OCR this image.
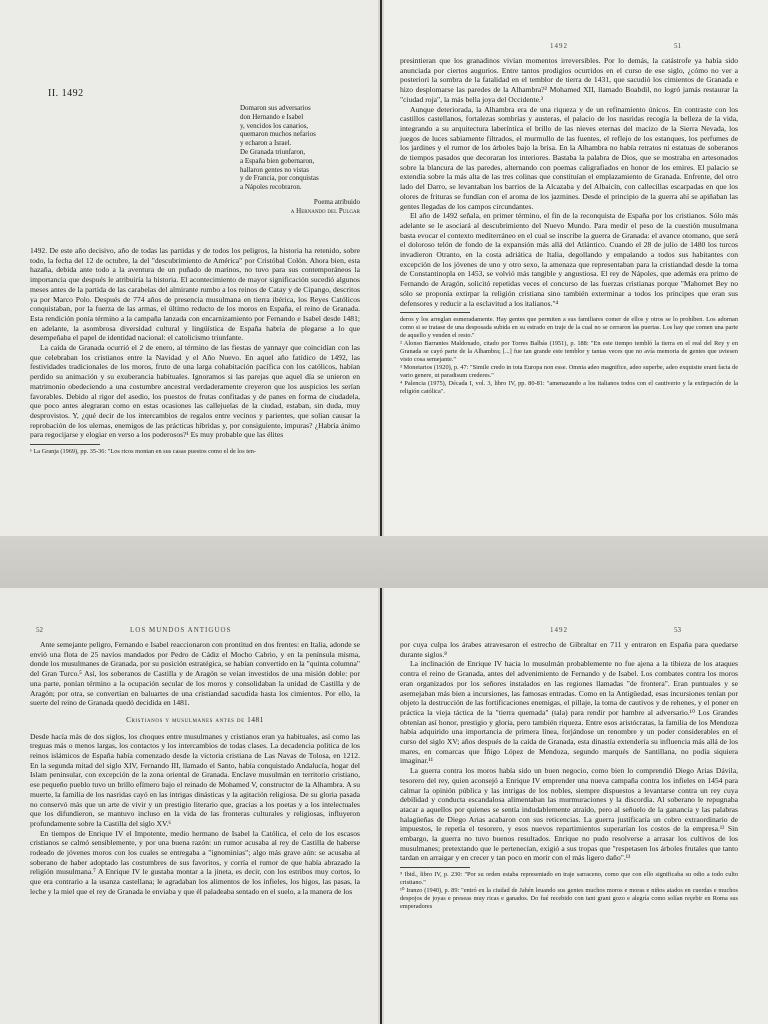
II. 1492
Domaron sus adversarios
don Hernando e Isabel
y, vencidos los canarios,
quemaron muchos nefarios
y echaron a Israel.
De Granada triunfaron,
a España bien gobernaron,
hallaron gentes no vistas
y de Francia, por conquistas
a Nápoles recobraron.
Poema atribuido
a Hernando del Pulgar

1492. De este año decisivo, año de todas las partidas y de todos los peligros, la historia ha retenido, sobre todo, la fecha del 12 de octubre, la del "descubrimiento de América" por Cristóbal Colón. Ahora bien, esta hazaña, debida ante todo a la aventura de un puñado de marinos, no tuvo para sus contemporáneos la importancia que después le atribuiría la historia. El acontecimiento de mayor significación sucedió algunos meses antes de la partida de las carabelas del almirante rumbo a los reinos de Catay y de Cipango, descritos ya por Marco Polo. Después de 774 años de presencia musulmana en tierra ibérica, los Reyes Católicos conquistaban, por la fuerza de las armas, el último reducto de los moros en España, el reino de Granada. Esta rendición ponía término a la campaña lanzada con encarnizamiento por Fernando e Isabel desde 1481; en adelante, la asombrosa diversidad cultural y lingüística de España habría de plegarse a lo que desempeñaba el papel de identidad nacional: el catolicismo triunfante.

La caída de Granada ocurrió el 2 de enero, al término de las fiestas de yannayr que coincidían con las que celebraban los cristianos entre la Navidad y el Año Nuevo. En aquel año fatídico de 1492, las festividades tradicionales de los moros, fruto de una larga cohabitación pacífica con los católicos, habían perdido su animación y su exuberancia habituales. Ignoramos si las parejas que aquel día se unieron en matrimonio obedeciendo a una costumbre ancestral verdaderamente creyeron que los auspicios les serían favorables. Debido al rigor del asedio, los puestos de frutas confitadas y de panes en forma de ciudadela, que poco antes alegraran como en estas ocasiones las callejuelas de la ciudad, estaban, sin duda, muy desprovistos. Y, ¿qué decir de los intercambios de regalos entre vecinos y parientes, que solían causar la reprobación de los ulemas, enemigos de las prácticas híbridas y, por consiguiente, impuras? ¿Habría ánimo para regocijarse y elogiar en verso a los poderosos?¹ Es muy probable que las élites

¹ La Granja (1969), pp. 35-36: "Los ricos montan en sus casas puestos como el de los ten-
1492	51

presintieran que los granadinos vivían momentos irreversibles. Por lo demás, la catástrofe ya había sido anunciada por ciertos augurios. Entre tantos prodigios ocurridos en el curso de ese siglo, ¿cómo no ver a posteriori la sombra de la fatalidad en el temblor de tierra de 1431, que sacudió los cimientos de Granada e hizo desplomarse las paredes de la Alhambra?² Mohamed XII, llamado Boabdil, no logró jamás restaurar la "ciudad roja", la más bella joya del Occidente.³

Aunque deteriorada, la Alhambra era de una riqueza y de un refinamiento únicos. En contraste con los castillos castellanos, fortalezas sombrías y austeras, el palacio de los nasridas recogía la belleza de la vida, integrando a su arquitectura laberíntica el brillo de las nieves eternas del macizo de la Sierra Nevada, los juegos de luces sabiamente filtrados, el murmullo de las fuentes, el reflejo de los estanques, los perfumes de los jardines y el rumor de los árboles bajo la brisa. En la Alhambra no había retratos ni estatuas de soberanos de tiempos pasados que decoraran los interiores. Bastaba la palabra de Dios, que se mostraba en artesonados sobre la blancura de las paredes, alternando con poemas caligrafiados en honor de los emires. El palacio se extendía sobre la más alta de las tres colinas que constituían el emplazamiento de Granada. Enfrente, del otro lado del Darro, se levantaban los barrios de la Alcazaba y del Albaicín, con callecillas escarpadas en que los olores de frituras se fundían con el aroma de los jazmines. Desde el principio de la guerra ahí se apiñaban las gentes llegadas de los campos circundantes.

El año de 1492 señala, en primer término, el fin de la reconquista de España por los cristianos. Sólo más adelante se le asociará al descubrimiento del Nuevo Mundo. Para medir el peso de la cuestión musulmana basta evocar el contexto mediterráneo en el cual se inscribe la guerra de Granada: el avance otomano, que será el doloroso telón de fondo de la expansión más allá del Atlántico. Cuando el 28 de julio de 1480 los turcos invadieron Otranto, en la costa adriática de Italia, degollando y empalando a todos sus habitantes con excepción de los jóvenes de uno y otro sexo, la amenaza que representaban para la cristiandad desde la toma de Constantinopla en 1453, se volvió más tangible y angustiosa. El rey de Nápoles, que además era primo de Fernando de Aragón, solicitó repetidas veces el concurso de las fuerzas cristianas porque "Mahomet Bey no sólo se proponía extirpar la religión cristiana sino también exterminar a todos los príncipes que eran sus defensores y reducir a la esclavitud a los italianos."⁴

deros y los arreglan esmeradamente. Hay gentes que permiten a sus familiares comer de ellos y otros se lo prohíben. Los adornan como si se tratase de una desposada subida en su estrado en traje de la cual no se cerraron las puertas. Los hay que comen una parte de aquello y venden el resto."
² Alonso Barrantes Maldonado, citado por Torres Balbás (1951), p. 188: "En este tiempo tembló la tierra en el real del Rey y en Granada se cayó parte de la Alhambra; [...] fue tan grande este temblor y tantas veces que no avía memoria de gentes que uviesen visto cosa semejante."
³ Monetarios (1920), p. 47: "Simile credo in tota Europa non esse. Omnia adeo magnifice, adeo superbe, adeo exquisite erant facta de vario genere, ut paradisum crederes."
⁴ Palencia (1975), Década I, vol. 3, libro IV, pp. 80-81: "amenazando a los italianos todos con el cautiverio y la extirpación de la religión católica".
52	LOS MUNDOS ANTIGUOS

Ante semejante peligro, Fernando e Isabel reaccionaron con prontitud en dos frentes: en Italia, adonde se envió una flota de 25 navíos mandados por Pedro de Cádiz el Mocho Cabrio, y en la península misma, donde los musulmanes de Granada, por su posición estratégica, se habían convertido en la "quinta columna" del Gran Turco.⁵ Así, los soberanos de Castilla y de Aragón se veían investidos de una misión doble: por una parte, ponían término a la ocupación secular de los moros y consolidaban la unidad de Castilla y de Aragón; por otra, se convertían en baluartes de una cristiandad sacudida hasta los cimientos. Por ello, la suerte del reino de Granada quedó decidida en 1481.

Cristianos y musulmanes antes de 1481

Desde hacía más de dos siglos, los choques entre musulmanes y cristianos eran ya habituales, así como las treguas más o menos largas, los contactos y los intercambios de todas clases. La decadencia política de los reinos islámicos de España había comenzado desde la victoria cristiana de Las Navas de Tolosa, en 1212. En la segunda mitad del siglo XIV, Fernando III, llamado el Santo, había conquistado Andalucía, hogar del Islam peninsular, con excepción de la zona oriental de Granada. Enclave musulmán en territorio cristiano, ese pequeño pueblo tuvo un brillo efímero bajo el reinado de Mohamed V, constructor de la Alhambra. A su muerte, la familia de los nasridas cayó en las intrigas dinásticas y la agitación religiosa. De su gloria pasada no conservó más que un arte de vivir y un prestigio literario que, gracias a los poetas y a los intelectuales que los difundieron, se mantuvo incluso en la vida de las fronteras culturales y religiosas, influyeron profundamente sobre la Castilla del siglo XV.⁶

En tiempos de Enrique IV el Impotente, medio hermano de Isabel la Católica, el celo de los escasos cristianos se calmó sensiblemente, y por una buena razón: un rumor acusaba al rey de Castilla de haberse rodeado de jóvenes moros con los cuales se entregaba a "ignominias"; algo más grave aún: se acusaba al soberano de haber adoptado las costumbres de sus favoritos, y corría el rumor de que había abrazado la religión musulmana.⁷ A Enrique IV le gustaba montar a la jineta, es decir, con los estribos muy cortos, lo que era contrario a la usanza castellana; le agradaban los alimentos de los infieles, los higos, las pasas, la leche y la miel que el rey de Granada le enviaba y que él paladeaba sentado en el suelo, a la manera de los

1492	53

por cuya culpa los árabes atravesaron el estrecho de Gibraltar en 711 y entraron en España para quedarse durante siglos.⁸

La inclinación de Enrique IV hacia lo musulmán probablemente no fue ajena a la tibieza de los ataques contra el reino de Granada, antes del advenimiento de Fernando y de Isabel. Los combates contra los moros eran organizados por los señores instalados en las regiones llamadas "de frontera". Eran puntuales y se asemejaban más bien a incursiones, las famosas entradas. Como en la Antigüedad, esas incursiones tenían por objeto la destrucción de las fortificaciones enemigas, el pillaje, la toma de cautivos y de rehenes, y el poner en práctica la vieja táctica de la "tierra quemada" (tala) para rendir por hambre al adversario.¹⁰ Los Grandes obtenían así honor, prestigio y gloria, pero también riqueza. Entre esos aristócratas, la familia de los Mendoza había adquirido una importancia de primera línea, forjándose un renombre y un poder considerables en el curso del siglo XV; años después de la caída de Granada, esta dinastía extendería su influencia más allá de los mares, en comarcas que Íñigo López de Mendoza, segundo marqués de Santillana, no podía siquiera imaginar.¹¹

La guerra contra los moros había sido un buen negocio, como bien lo comprendió Diego Arias Dávila, tesorero del rey, quien aconsejó a Enrique IV emprender una nueva campaña contra los infieles en 1454 para calmar la opinión pública y las intrigas de los nobles, siempre dispuestos a levantarse contra un rey cuya debilidad y conducta escandalosa alimentaban las murmuraciones y la discordia. Al soberano le repugnaba atacar a aquellos por quienes se sentía indudablemente atraído, pero al señuelo de la ganancia y las palabras halagüeñas de Diego Arias acabaron con sus reticencias. La guerra justificaría un cobro extraordinario de impuestos, le repetía el tesorero, y esos nuevos repartimientos superarían los costos de la empresa.¹² Sin embargo, la guerra no tuvo buenos resultados. Enrique no pudo resolverse a arrasar los cultivos de los musulmanes; pretextando que le pertenecían, exigió a sus tropas que "respetasen los árboles frutales que tanto tardan en arraigar y en crecer y tan poco en morir con el más ligero daño".¹³

⁹ Ibid., libro IV, p. 230: "Por su orden estaba representado en traje sarraceno, como que con ello significaba su odio a todo culto cristiano."
¹⁰ Iranzo (1940), p. 89: "entró en la ciudad de Jahén leuando sus gentes muchos moros e moras e niños atados en cuerdas e muchos despojos de joyas e preseas muy ricas e ganados. Do fué recebido con tant grant gozo e alegría como solían reçebir en Roma sus emperadores
